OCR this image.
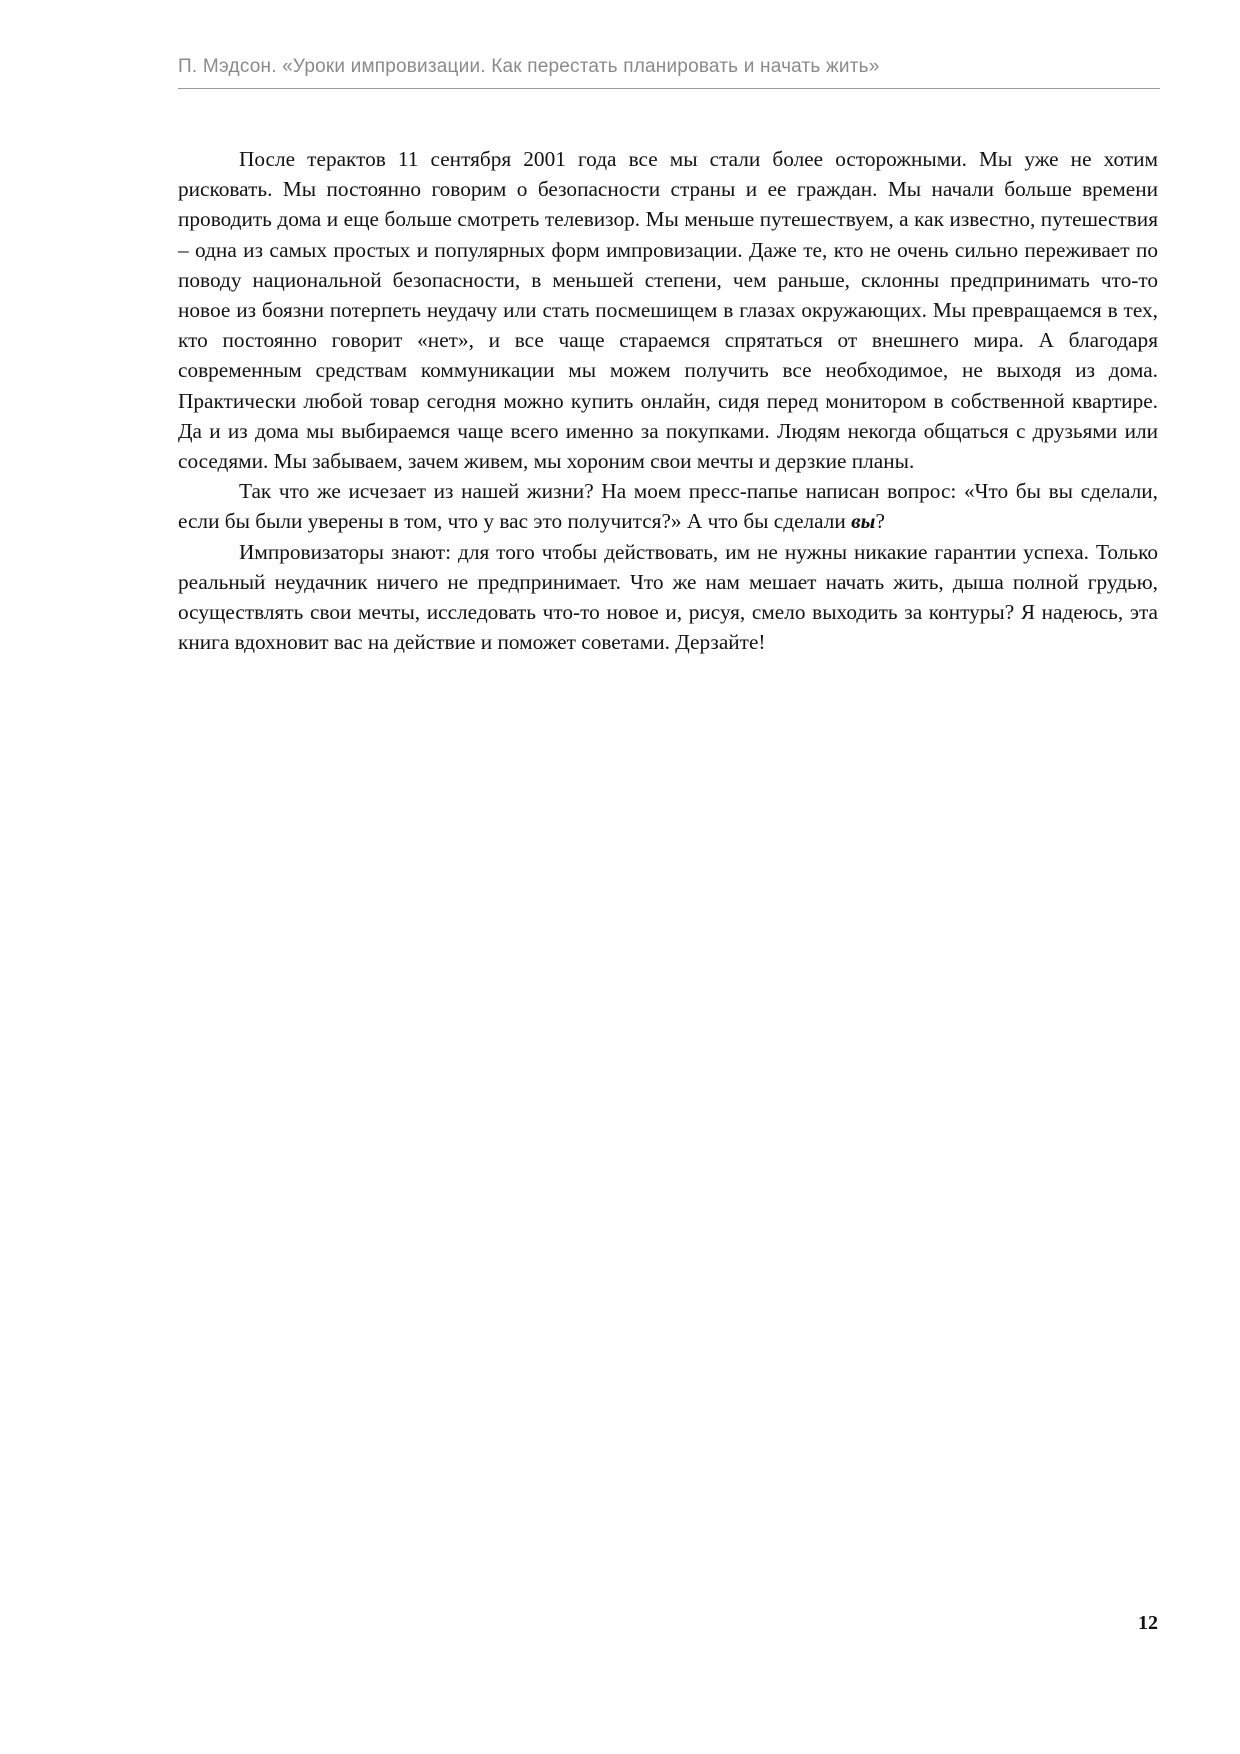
П. Мэдсон. «Уроки импровизации. Как перестать планировать и начать жить»

После терактов 11 сентября 2001 года все мы стали более осторожными. Мы уже не хотим рисковать. Мы постоянно говорим о безопасности страны и ее граждан. Мы начали больше времени проводить дома и еще больше смотреть телевизор. Мы меньше путешествуем, а как известно, путешествия – одна из самых простых и популярных форм импровизации. Даже те, кто не очень сильно переживает по поводу национальной безопасности, в меньшей степени, чем раньше, склонны предпринимать что-то новое из боязни потерпеть неудачу или стать посмешищем в глазах окружающих. Мы превращаемся в тех, кто постоянно говорит «нет», и все чаще стараемся спрятаться от внешнего мира. А благодаря современным средствам коммуникации мы можем получить все необходимое, не выходя из дома. Практически любой товар сегодня можно купить онлайн, сидя перед монитором в собственной квартире. Да и из дома мы выбираемся чаще всего именно за покупками. Людям некогда общаться с друзьями или соседями. Мы забываем, зачем живем, мы хороним свои мечты и дерзкие планы.

Так что же исчезает из нашей жизни? На моем пресс-папье написан вопрос: «Что бы вы сделали, если бы были уверены в том, что у вас это получится?» А что бы сделали вы?

Импровизаторы знают: для того чтобы действовать, им не нужны никакие гарантии успеха. Только реальный неудачник ничего не предпринимает. Что же нам мешает начать жить, дыша полной грудью, осуществлять свои мечты, исследовать что-то новое и, рисуя, смело выходить за контуры? Я надеюсь, эта книга вдохновит вас на действие и поможет советами. Дерзайте!

12
